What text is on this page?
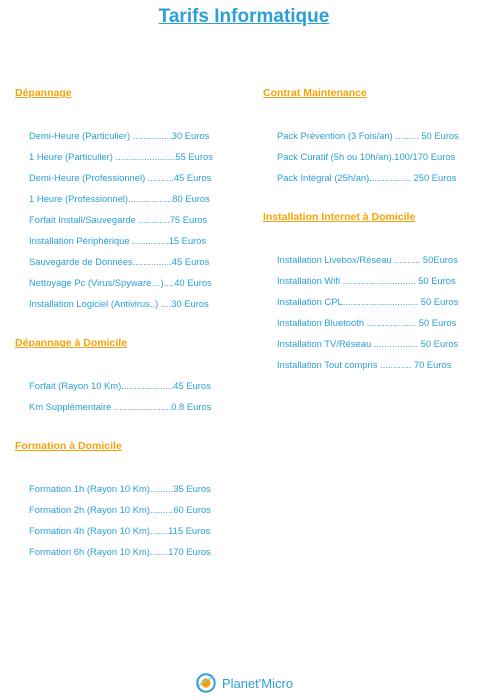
Tarifs Informatique
Dépannage
Demi-Heure (Particulier) ...............30 Euros
1 Heure (Particulier) .......................55 Euros
Demi-Heure (Professionnel) ..........45 Euros
1 Heure (Professionnel).................80 Euros
Forfait Install/Sauvegarde ............75 Euros
Installation Périphérique ..............15 Euros
Sauvegarde de Données...............45 Euros
Nettoyage Pc (Virus/Spyware…)....40 Euros
Installation Logiciel (Antivirus..) ....30 Euros
Dépannage à Domicile
Forfait (Rayon 10 Km)....................45 Euros
Km Supplémentaire ......................0.8 Euros
Formation à Domicile
Formation 1h (Rayon 10 Km).........35 Euros
Formation 2h (Rayon 10 Km).........60 Euros
Formation 4h (Rayon 10 Km).......115 Euros
Formation 6h (Rayon 10 Km).......170 Euros
Contrat Maintenance
Pack Prévention (3 Fois/an) ......... 50 Euros
Pack Curatif (5h ou 10h/an).100/170 Euros
Pack Intégral (25h/an)................ 250 Euros
Installation Internet à Domicile
Installation Livebox/Réseau .......... 50Euros
Installation Wifi ............................ 50 Euros
Installation CPL............................. 50 Euros
Installation Bluetooth ................... 50 Euros
Installation TV/Réseau ................. 50 Euros
Installation Tout compris ............ 70 Euros
Planet'Micro
